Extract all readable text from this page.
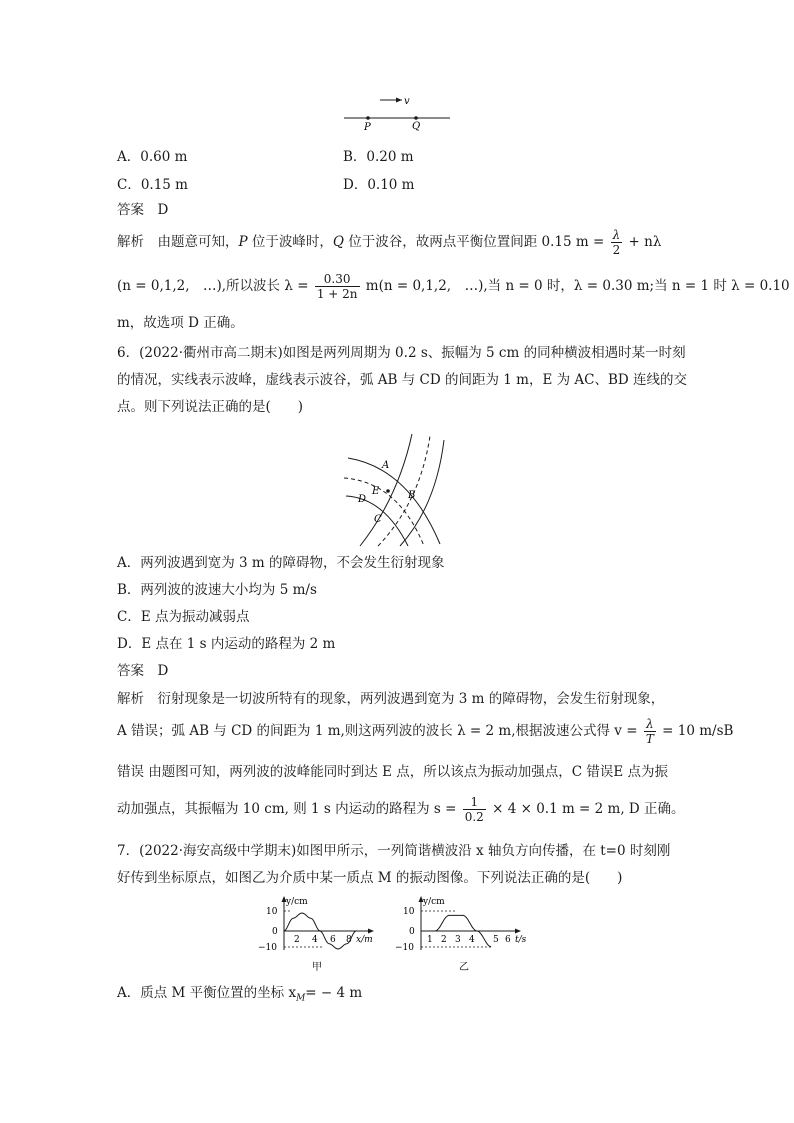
v
P	Q
A．0.60 m	B．0.20 m
C．0.15 m	D．0.10 m
答案　D
解析　由题意可知，P 位于波峰时，Q 位于波谷，故两点平衡位置间距 0.15 $m = \frac{\lambda}{2} + n\lambda$
(n = 0,1,2,　…),所以波长 $\lambda = \frac{0.30}{1 + 2n} m(n = 0,1,2$,　…),当 n = 0 时，λ = 0.30 m;当 n = 1 时 λ = 0.10
m，故选项 D 正确。
6．(2022·衢州市高二期末)如图是两列周期为 0.2 s、振幅为 5 cm 的同种横波相遇时某一时刻
的情况，实线表示波峰，虚线表示波谷，弧 AB 与 CD 的间距为 1 m，E 为 AC、BD 连线的交
点。则下列说法正确的是(　　)
A
E	B
D
C
A．两列波遇到宽为 3 m 的障碍物，不会发生衍射现象
B．两列波的波速大小均为 5 m/s
C．E 点为振动减弱点
D．E 点在 1 s 内运动的路程为 2 m
答案　D
解析　衍射现象是一切波所特有的现象，两列波遇到宽为 3 m 的障碍物，会发生衍射现象，
A 错误；弧 AB 与 CD 的间距为 1 m,则这两列波的波长 λ = 2 m,根据波速公式得 $v = \frac{\lambda}{T} = 10$ m/sB
错误 由题图可知，两列波的波峰能同时到达 E 点，所以该点为振动加强点，C 错误E 点为振
动加强点，其振幅为 10 cm, 则 1 s 内运动的路程为 $s = \frac{1}{0.2} \times 4 \times 0.1$ m = 2 m, D 正确。
7．(2022·海安高级中学期末)如图甲所示，一列简谐横波沿 x 轴负方向传播，在 t=0 时刻刚
好传到坐标原点，如图乙为介质中某一质点 M 的振动图像。下列说法正确的是(　　)
y/cm
10
0
−10
2 4 6 8 x/m
甲
y/cm
10
0
−10
1 2 3 4 5 6 t/s
乙
A．质点 M 平衡位置的坐标 $x_M= - 4$ m
